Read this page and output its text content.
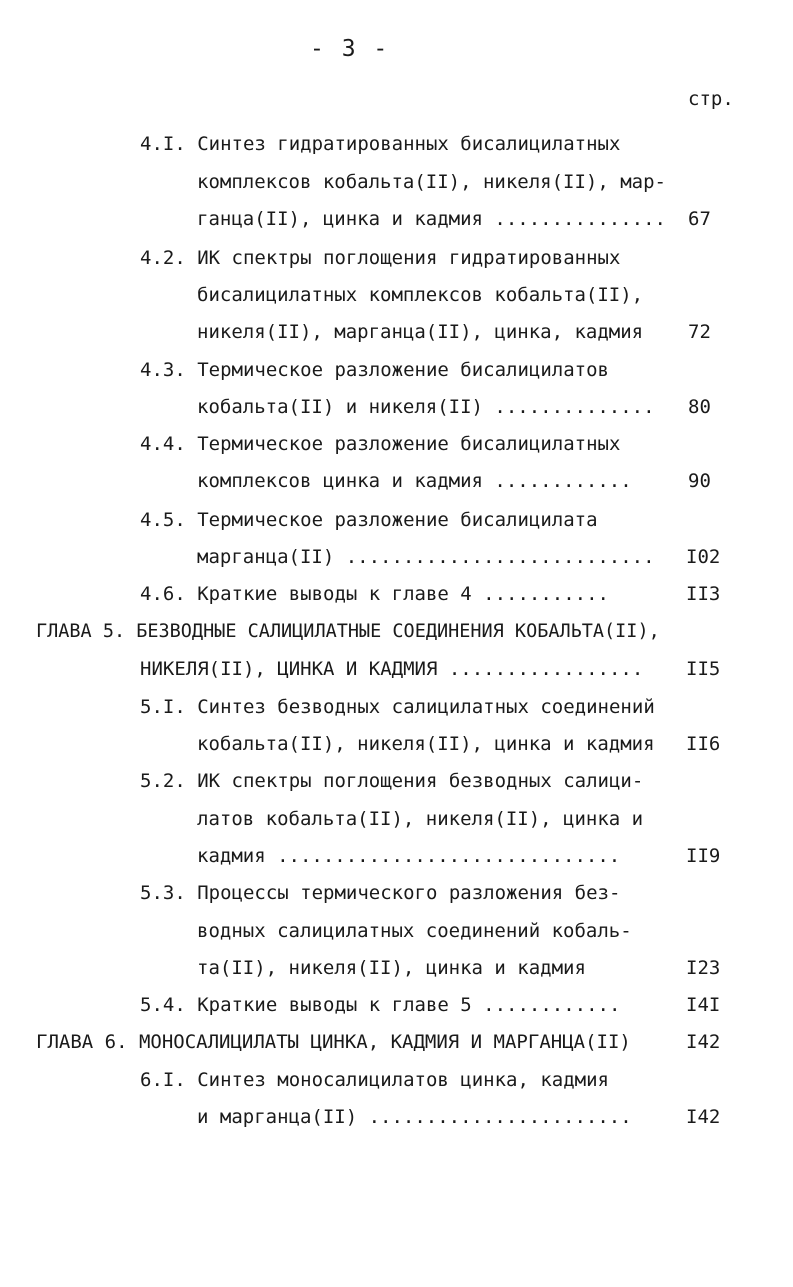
- 3 -
стр.
4.I. Синтез гидратированных бисалицилатных
комплексов кобальта(II), никеля(II), мар-
ганца(II), цинка и кадмия ............... 67
4.2. ИК спектры поглощения гидратированных
бисалицилатных комплексов кобальта(II),
никеля(II), марганца(II), цинка, кадмия 72
4.3. Термическое разложение бисалицилатов
кобальта(II) и никеля(II) .............. 80
4.4. Термическое разложение бисалицилатных
комплексов цинка и кадмия ............	90
4.5. Термическое разложение бисалицилата
марганца(II) ........................... I02
4.6. Краткие выводы к главе 4 ...........	II3
ГЛАВА 5. БЕЗВОДНЫЕ САЛИЦИЛАТНЫЕ СОЕДИНЕНИЯ КОБАЛЬТА(II),
НИКЕЛЯ(II), ЦИНКА И КАДМИЯ ................. II5
5.I. Синтез безводных салицилатных соединений
кобальта(II), никеля(II), цинка и кадмия II6
5.2. ИК спектры поглощения безводных салици-
латов кобальта(II), никеля(II), цинка и
кадмия ..............................	II9
5.3. Процессы термического разложения без-
водных салицилатных соединений кобаль-
та(II), никеля(II), цинка и кадмия	I23
5.4. Краткие выводы к главе 5 ............	I4I
ГЛАВА 6. МОНОСАЛИЦИЛАТЫ ЦИНКА, КАДМИЯ И МАРГАНЦА(II)	I42
6.I. Синтез моносалицилатов цинка, кадмия
и марганца(II) .......................	I42
